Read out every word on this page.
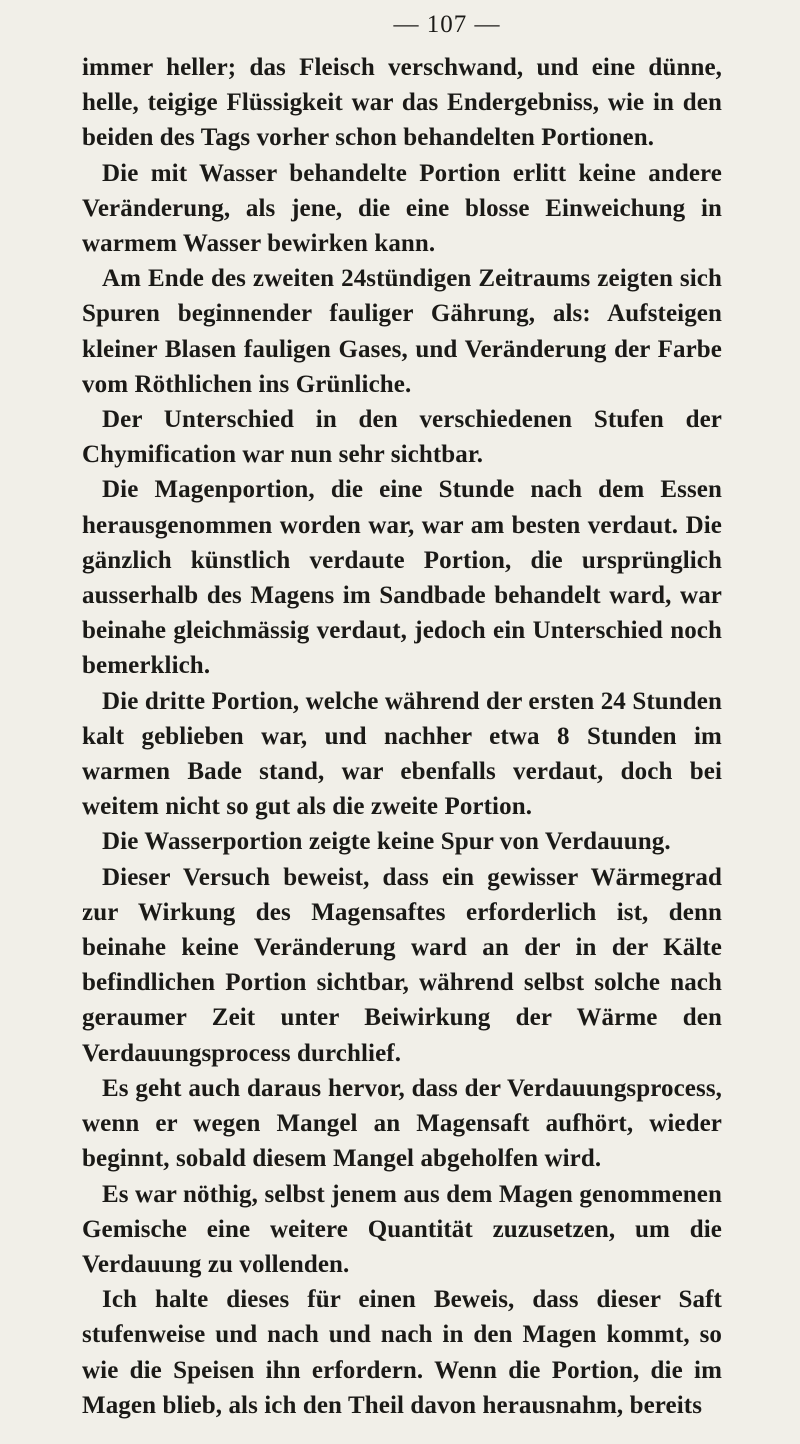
— 107 —

immer heller; das Fleisch verschwand, und eine dünne, helle, teigige Flüssigkeit war das Endergebniss, wie in den beiden des Tags vorher schon behandelten Portionen.

Die mit Wasser behandelte Portion erlitt keine andere Veränderung, als jene, die eine blosse Einweichung in warmem Wasser bewirken kann.

Am Ende des zweiten 24stündigen Zeitraums zeigten sich Spuren beginnender fauliger Gährung, als: Aufsteigen kleiner Blasen fauligen Gases, und Veränderung der Farbe vom Röthlichen ins Grünliche.

Der Unterschied in den verschiedenen Stufen der Chymification war nun sehr sichtbar.

Die Magenportion, die eine Stunde nach dem Essen herausgenommen worden war, war am besten verdaut. Die gänzlich künstlich verdaute Portion, die ursprünglich ausserhalb des Magens im Sandbade behandelt ward, war beinahe gleichmässig verdaut, jedoch ein Unterschied noch bemerklich.

Die dritte Portion, welche während der ersten 24 Stunden kalt geblieben war, und nachher etwa 8 Stunden im warmen Bade stand, war ebenfalls verdaut, doch bei weitem nicht so gut als die zweite Portion.

Die Wasserportion zeigte keine Spur von Verdauung.

Dieser Versuch beweist, dass ein gewisser Wärmegrad zur Wirkung des Magensaftes erforderlich ist, denn beinahe keine Veränderung ward an der in der Kälte befindlichen Portion sichtbar, während selbst solche nach geraumer Zeit unter Beiwirkung der Wärme den Verdauungsprocess durchlief.

Es geht auch daraus hervor, dass der Verdauungsprocess, wenn er wegen Mangel an Magensaft aufhört, wieder beginnt, sobald diesem Mangel abgeholfen wird.

Es war nöthig, selbst jenem aus dem Magen genommenen Gemische eine weitere Quantität zuzusetzen, um die Verdauung zu vollenden.

Ich halte dieses für einen Beweis, dass dieser Saft stufenweise und nach und nach in den Magen kommt, so wie die Speisen ihn erfordern. Wenn die Portion, die im Magen blieb, als ich den Theil davon herausnahm, bereits
